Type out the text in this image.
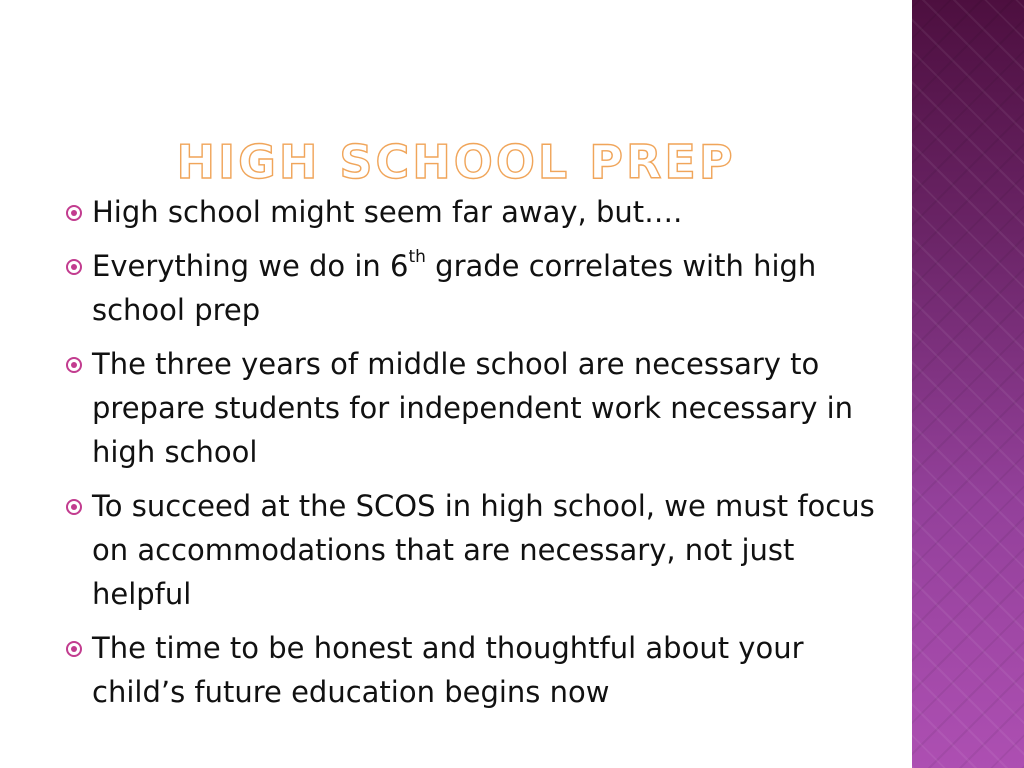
HIGH SCHOOL PREP
High school might seem far away, but….
Everything we do in 6th grade correlates with high school prep
The three years of middle school are necessary to prepare students for independent work necessary in high school
To succeed at the SCOS in high school, we must focus on accommodations that are necessary, not just helpful
The time to be honest and thoughtful about your child’s future education begins now
